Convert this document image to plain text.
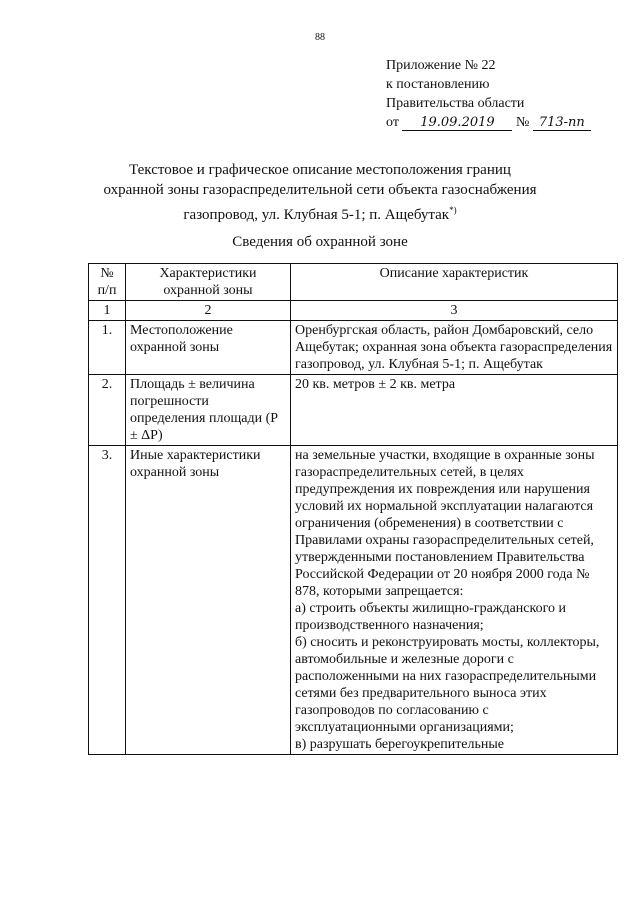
88
Приложение № 22
к постановлению
Правительства области
от 19.09.2019 № 713-пп
Текстовое и графическое описание местоположения границ
охранной зоны газораспределительной сети объекта газоснабжения
газопровод, ул. Клубная 5-1; п. Ащебутак*)
Сведения об охранной зоне
№ п/п	Характеристики охранной зоны	Описание характеристик
1	2	3
1.	Местоположение охранной зоны	Оренбургская область, район Домбаровский, село Ащебутак; охранная зона объекта газораспределения газопровод, ул. Клубная 5-1; п. Ащебутак
2.	Площадь ± величина погрешности определения площади (P ± ΔP)	20 кв. метров ± 2 кв. метра
3.	Иные характеристики охранной зоны	на земельные участки, входящие в охранные зоны газораспределительных сетей, в целях предупреждения их повреждения или нарушения условий их нормальной эксплуатации налагаются ограничения (обременения) в соответствии с Правилами охраны газораспределительных сетей, утвержденными постановлением Правительства Российской Федерации от 20 ноября 2000 года № 878, которыми запрещается:
а) строить объекты жилищно-гражданского и производственного назначения;
б) сносить и реконструировать мосты, коллекторы, автомобильные и железные дороги с расположенными на них газораспределительными сетями без предварительного выноса этих газопроводов по согласованию с эксплуатационными организациями;
в) разрушать берегоукрепительные
